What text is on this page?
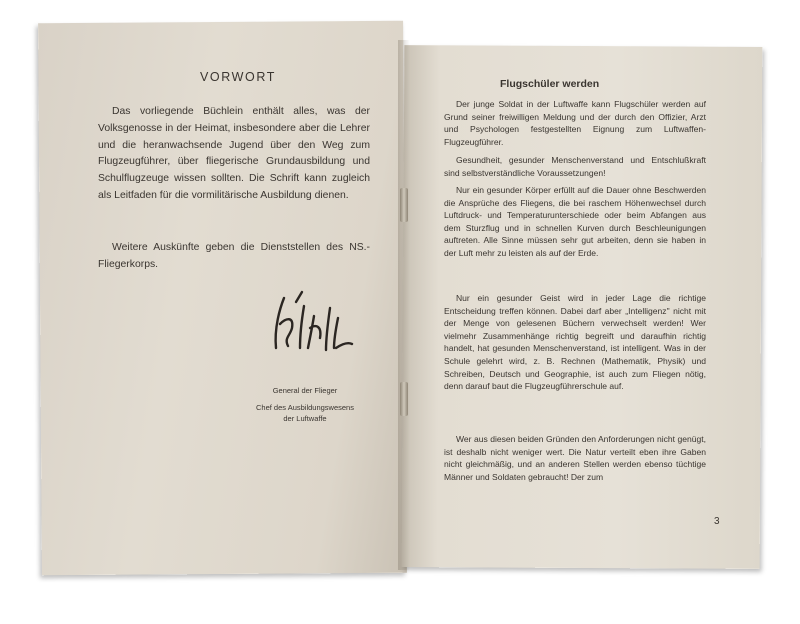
VORWORT

Das vorliegende Büchlein enthält alles, was der Volksgenosse in der Heimat, insbesondere aber die Lehrer und die heranwachsende Jugend über den Weg zum Flugzeugführer, über fliegerische Grundausbildung und Schulflugzeuge wissen sollten. Die Schrift kann zugleich als Leitfaden für die vormilitärische Ausbildung dienen.

Weitere Auskünfte geben die Dienststellen des NS.-Fliegerkorps.

General der Flieger
Chef des Ausbildungswesens
der Luftwaffe
Flugschüler werden

Der junge Soldat in der Luftwaffe kann Flugschüler werden auf Grund seiner freiwilligen Meldung und der durch den Offizier, Arzt und Psychologen festgestellten Eignung zum Luftwaffen-Flugzeugführer.

Gesundheit, gesunder Menschenverstand und Entschlußkraft sind selbstverständliche Voraussetzungen!

Nur ein gesunder Körper erfüllt auf die Dauer ohne Beschwerden die Ansprüche des Fliegens, die bei raschem Höhenwechsel durch Luftdruck- und Temperaturunterschiede oder beim Abfangen aus dem Sturzflug und in schnellen Kurven durch Beschleunigungen auftreten. Alle Sinne müssen sehr gut arbeiten, denn sie haben in der Luft mehr zu leisten als auf der Erde.

Nur ein gesunder Geist wird in jeder Lage die richtige Entscheidung treffen können. Dabei darf aber „Intelligenz" nicht mit der Menge von gelesenen Büchern verwechselt werden! Wer vielmehr Zusammenhänge richtig begreift und daraufhin richtig handelt, hat gesunden Menschenverstand, ist intelligent. Was in der Schule gelehrt wird, z. B. Rechnen (Mathematik, Physik) und Schreiben, Deutsch und Geographie, ist auch zum Fliegen nötig, denn darauf baut die Flugzeugführerschule auf.

Wer aus diesen beiden Gründen den Anforderungen nicht genügt, ist deshalb nicht weniger wert. Die Natur verteilt eben ihre Gaben nicht gleichmäßig, und an anderen Stellen werden ebenso tüchtige Männer und Soldaten gebraucht! Der zum

3
